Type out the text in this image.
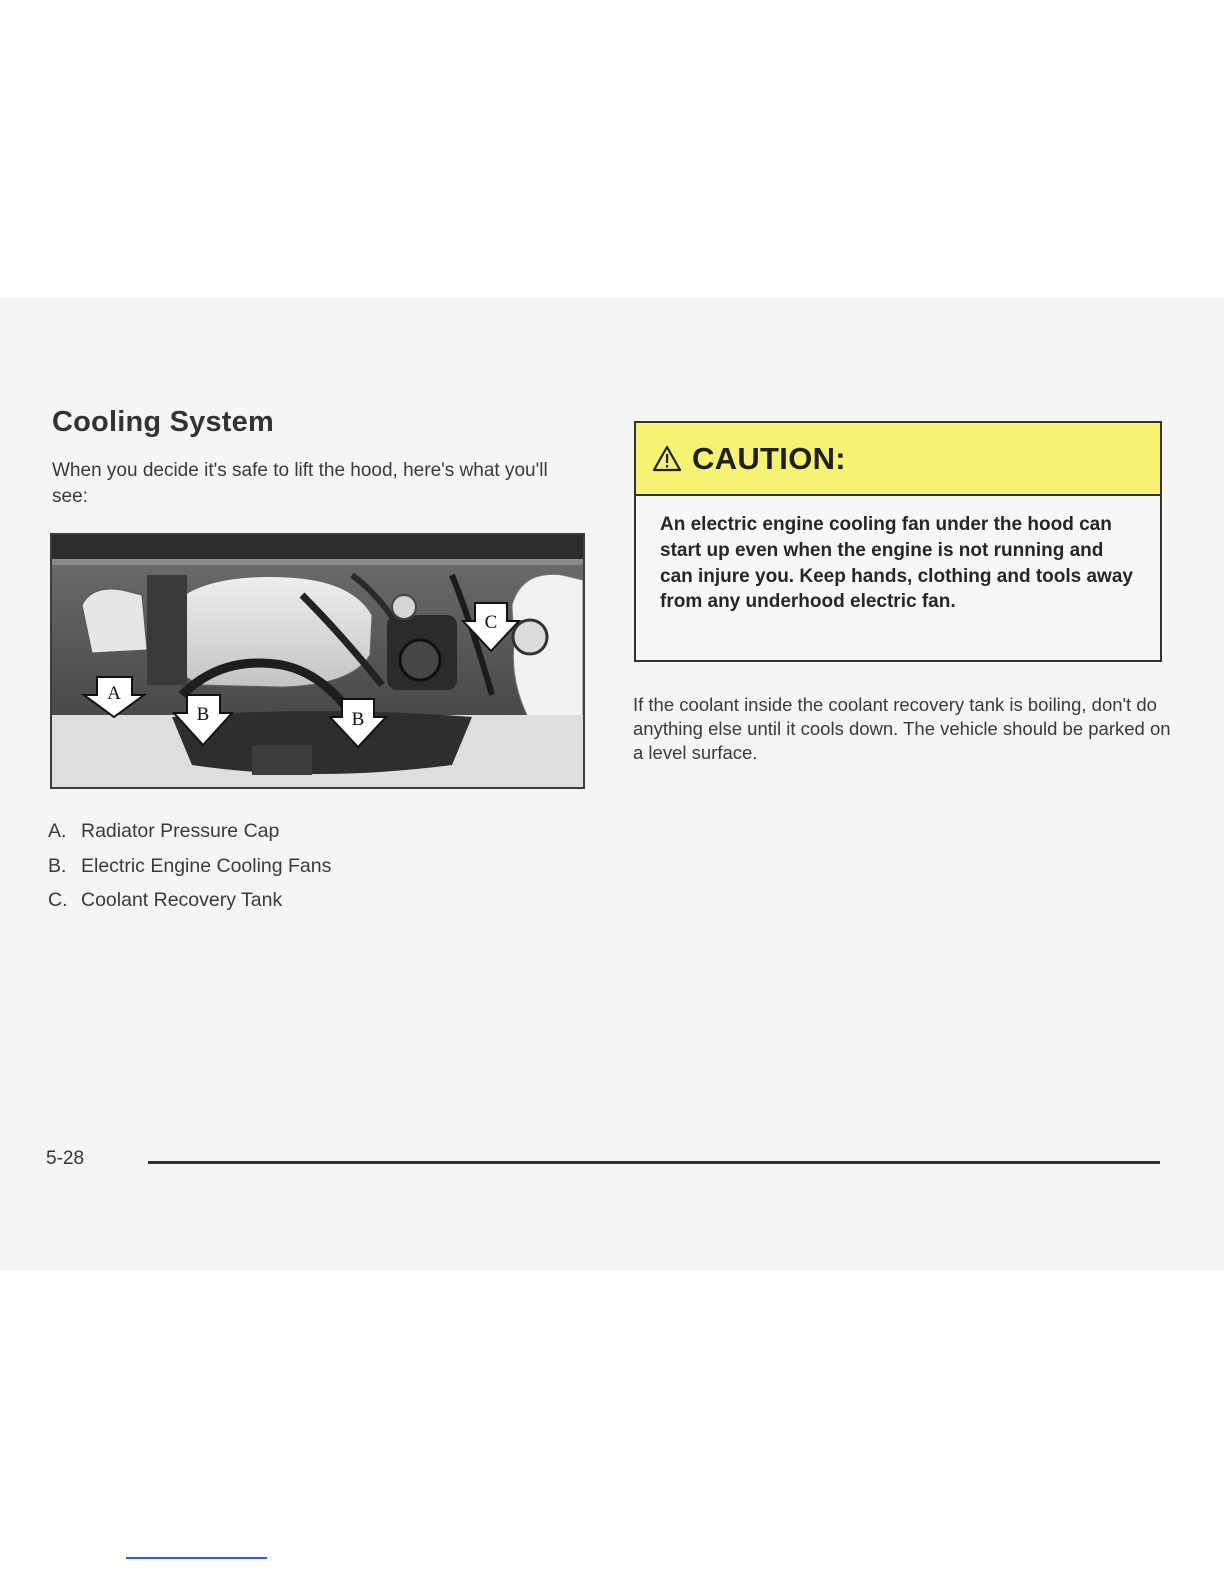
Cooling System

When you decide it's safe to lift the hood, here's what you'll see:

A
B	B
C
A. Radiator Pressure Cap
B. Electric Engine Cooling Fans
C. Coolant Recovery Tank
CAUTION:

An electric engine cooling fan under the hood can start up even when the engine is not running and can injure you. Keep hands, clothing and tools away from any underhood electric fan.

If the coolant inside the coolant recovery tank is boiling, don't do anything else until it cools down. The vehicle should be parked on a level surface.

5-28
